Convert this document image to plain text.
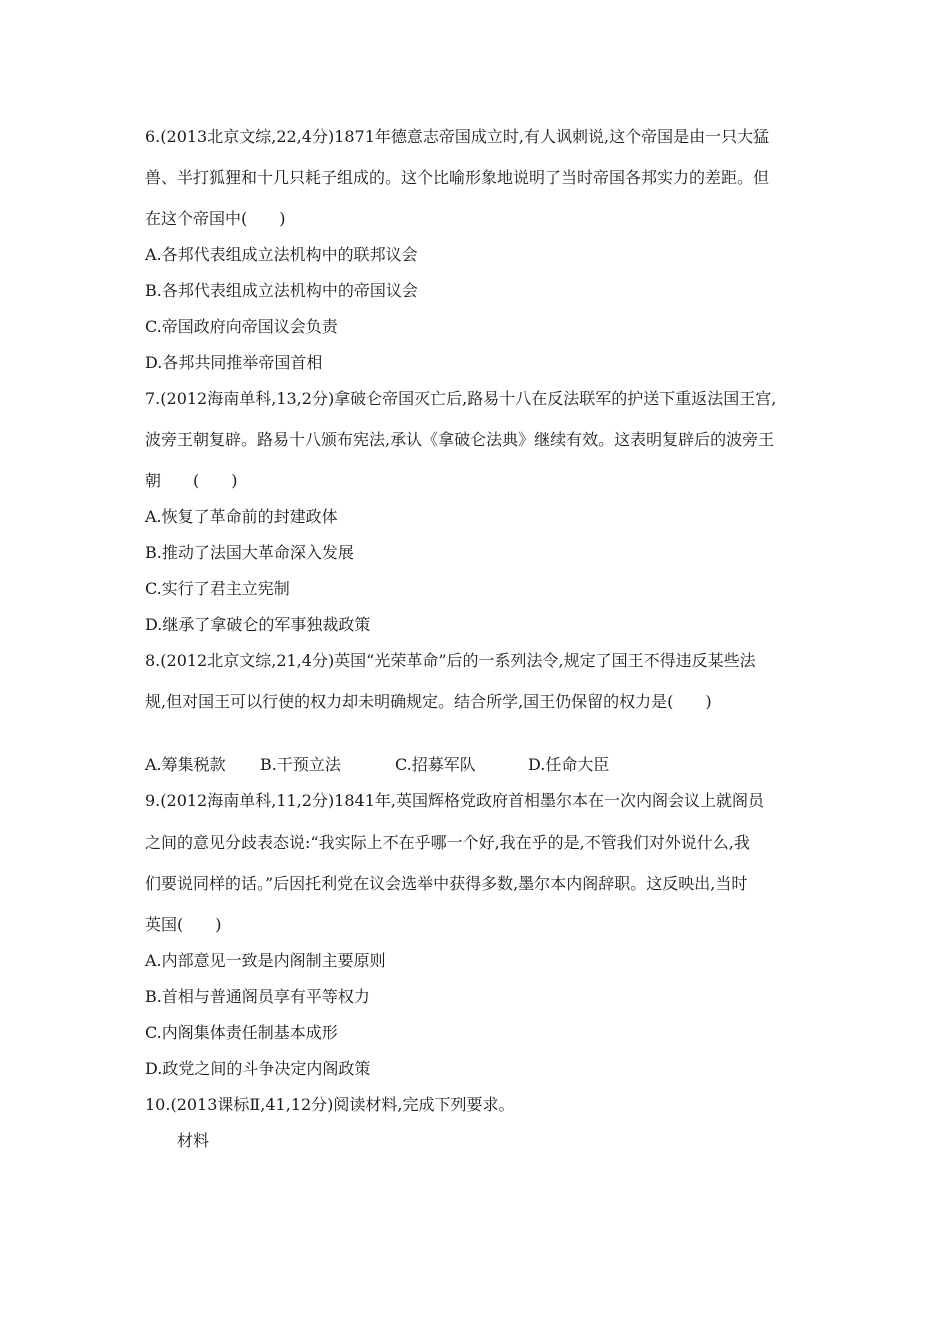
6.(2013北京文综,22,4分)1871年德意志帝国成立时,有人讽刺说,这个帝国是由一只大猛
兽、半打狐狸和十几只耗子组成的。这个比喻形象地说明了当时帝国各邦实力的差距。但
在这个帝国中(　　)
A.各邦代表组成立法机构中的联邦议会
B.各邦代表组成立法机构中的帝国议会
C.帝国政府向帝国议会负责
D.各邦共同推举帝国首相
7.(2012海南单科,13,2分)拿破仑帝国灭亡后,路易十八在反法联军的护送下重返法国王宫,
波旁王朝复辟。路易十八颁布宪法,承认《拿破仑法典》继续有效。这表明复辟后的波旁王
朝　　(　　)
A.恢复了革命前的封建政体
B.推动了法国大革命深入发展
C.实行了君主立宪制
D.继承了拿破仑的军事独裁政策
8.(2012北京文综,21,4分)英国“光荣革命”后的一系列法令,规定了国王不得违反某些法
规,但对国王可以行使的权力却未明确规定。结合所学,国王仍保留的权力是(　　)
A.筹集税款 B.干预立法	C.招募军队	D.任命大臣
9.(2012海南单科,11,2分)1841年,英国辉格党政府首相墨尔本在一次内阁会议上就阁员
之间的意见分歧表态说:“我实际上不在乎哪一个好,我在乎的是,不管我们对外说什么,我
们要说同样的话。”后因托利党在议会选举中获得多数,墨尔本内阁辞职。这反映出,当时
英国(　　)
A.内部意见一致是内阁制主要原则
B.首相与普通阁员享有平等权力
C.内阁集体责任制基本成形
D.政党之间的斗争决定内阁政策
10.(2013课标Ⅱ,41,12分)阅读材料,完成下列要求。
材料
